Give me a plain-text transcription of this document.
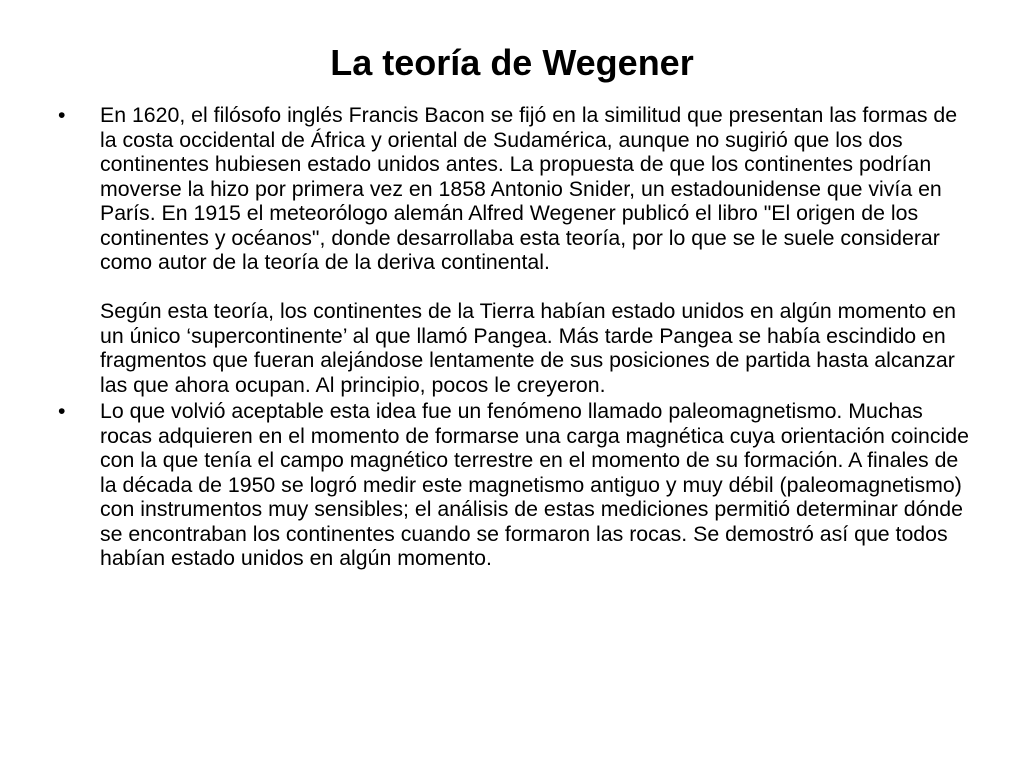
La teoría de Wegener
•	En 1620, el filósofo inglés Francis Bacon se fijó en la similitud que presentan las formas de la costa occidental de África y oriental de Sudamérica, aunque no sugirió que los dos continentes hubiesen estado unidos antes. La propuesta de que los continentes podrían moverse la hizo por primera vez en 1858 Antonio Snider, un estadounidense que vivía en París. En 1915 el meteorólogo alemán Alfred Wegener publicó el libro "El origen de los continentes y océanos", donde desarrollaba esta teoría, por lo que se le suele considerar como autor de la teoría de la deriva continental.
Según esta teoría, los continentes de la Tierra habían estado unidos en algún momento en un único ‘supercontinente’ al que llamó Pangea. Más tarde Pangea se había escindido en fragmentos que fueran alejándose lentamente de sus posiciones de partida hasta alcanzar las que ahora ocupan. Al principio, pocos le creyeron.
•	Lo que volvió aceptable esta idea fue un fenómeno llamado paleomagnetismo. Muchas rocas adquieren en el momento de formarse una carga magnética cuya orientación coincide con la que tenía el campo magnético terrestre en el momento de su formación. A finales de la década de 1950 se logró medir este magnetismo antiguo y muy débil (paleomagnetismo) con instrumentos muy sensibles; el análisis de estas mediciones permitió determinar dónde se encontraban los continentes cuando se formaron las rocas. Se demostró así que todos habían estado unidos en algún momento.
